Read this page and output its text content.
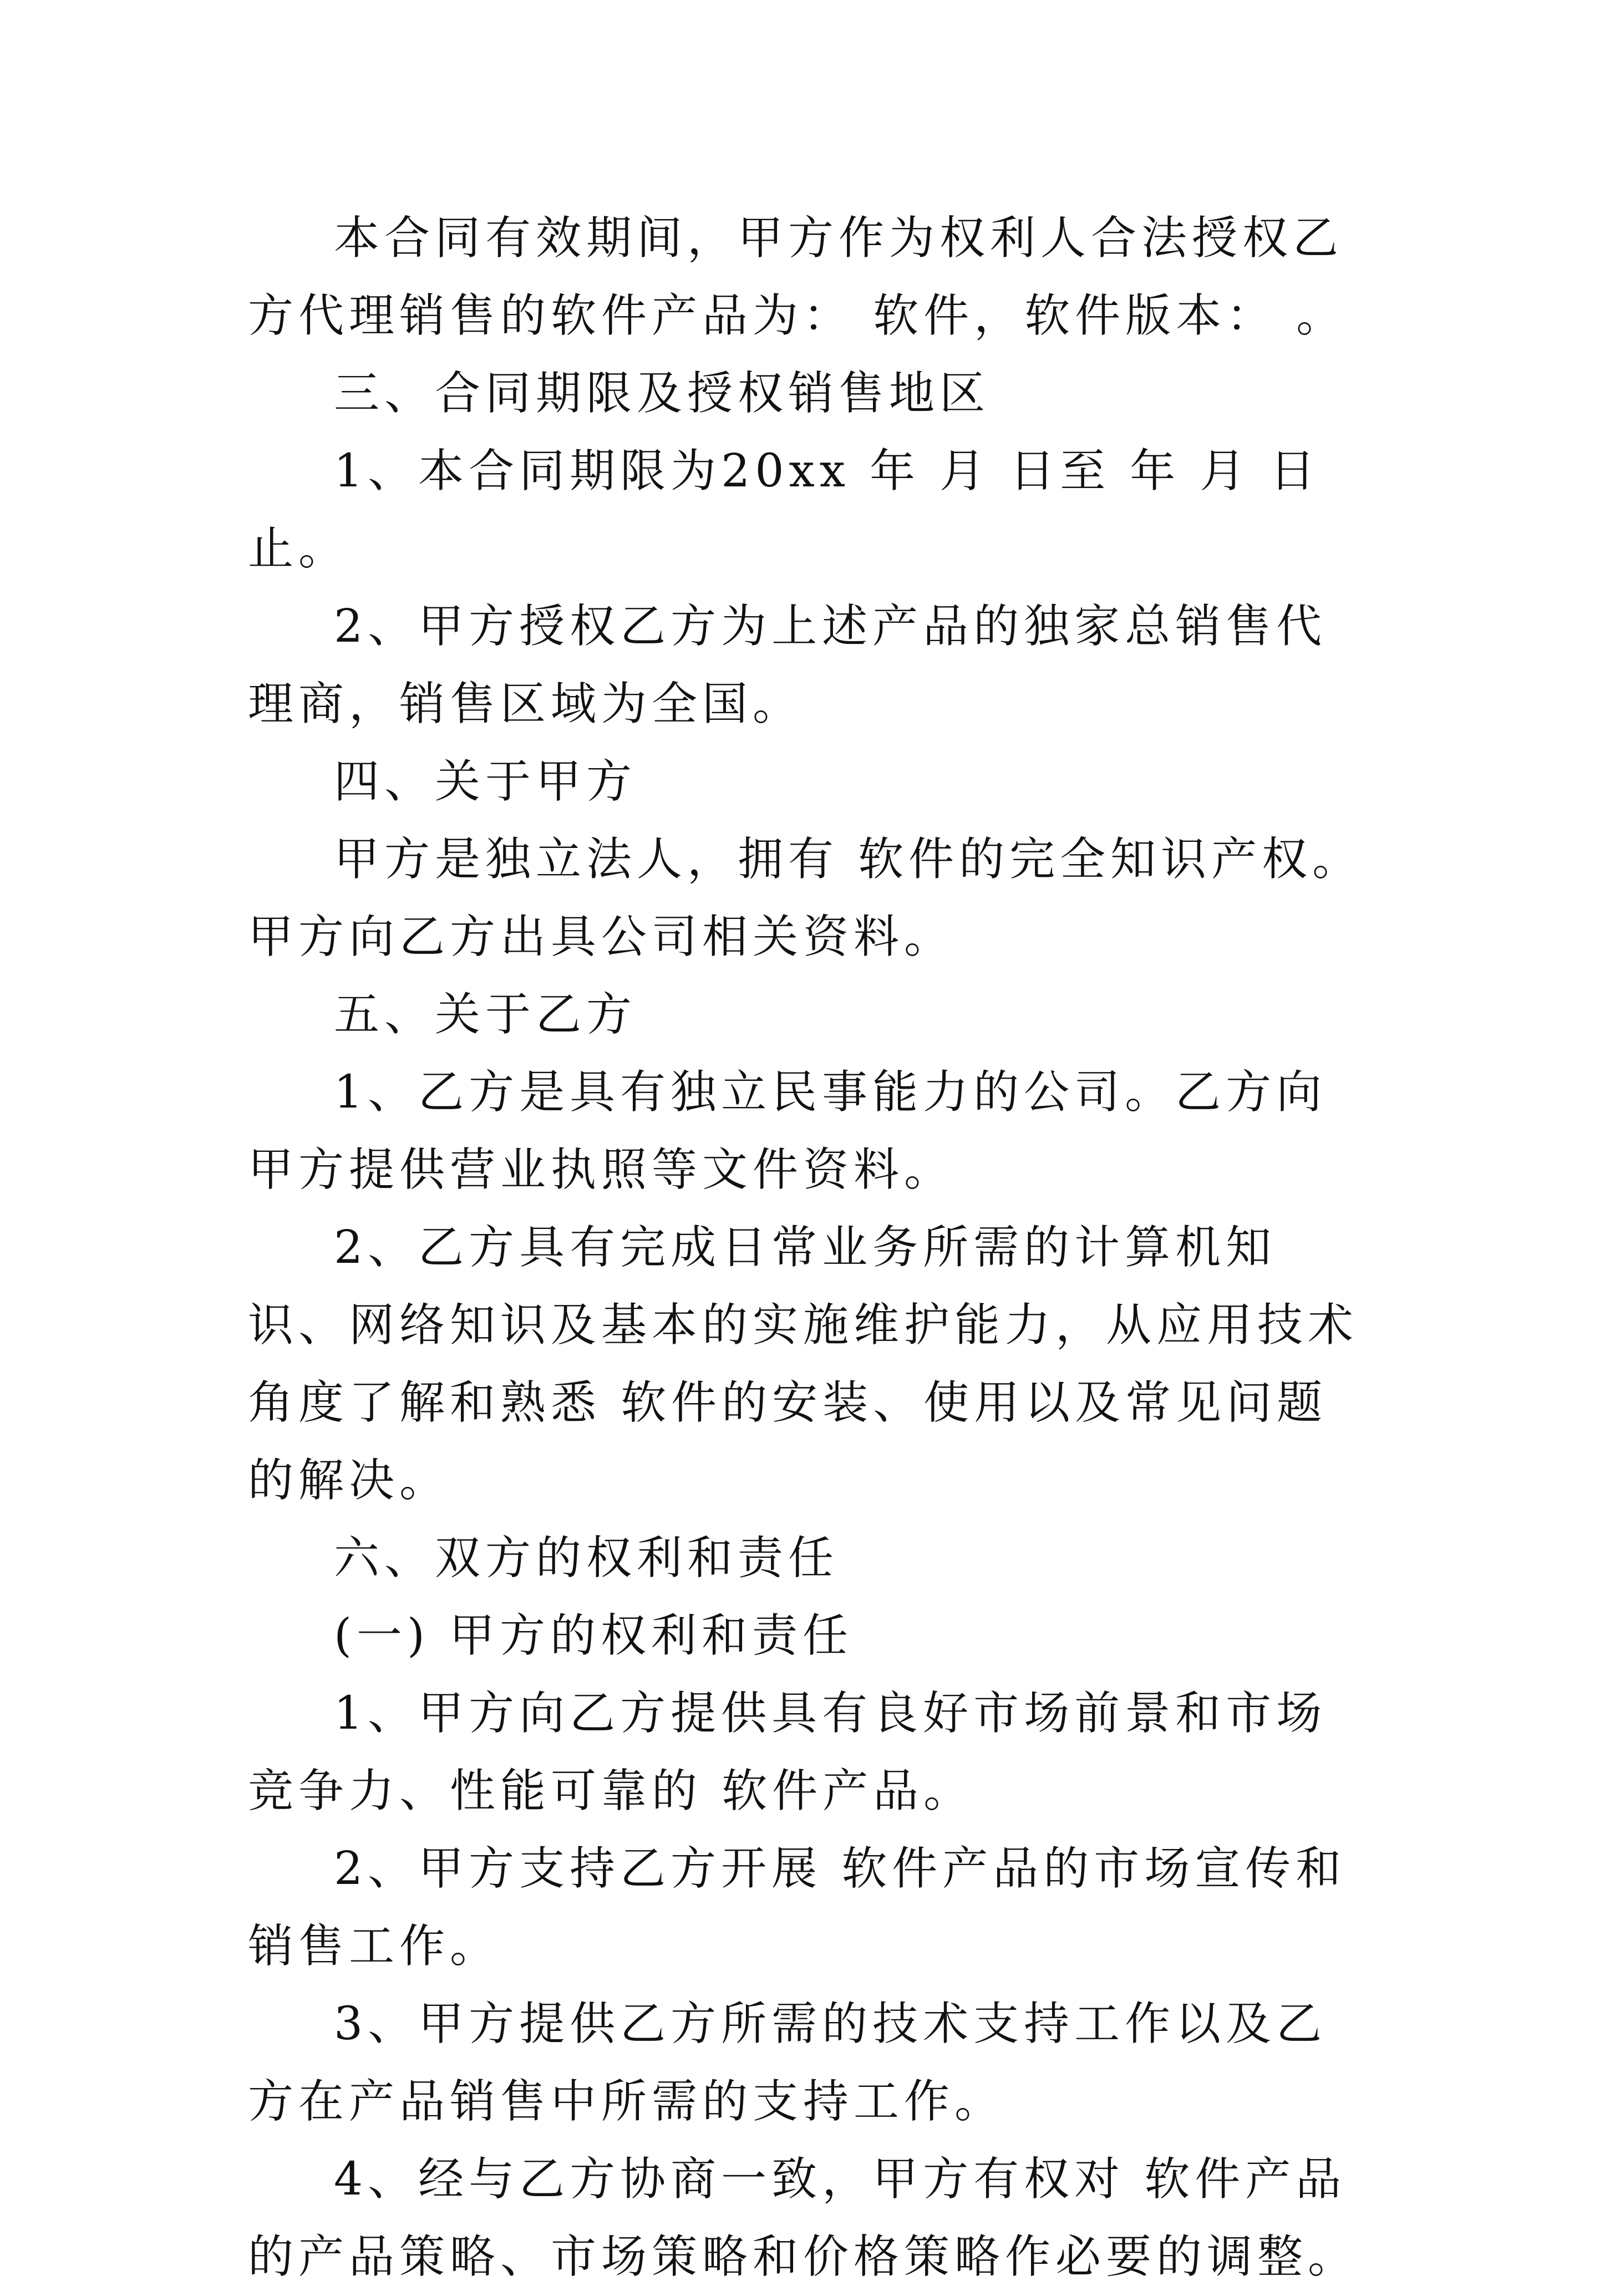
本合同有效期间，甲方作为权利人合法授权乙方代理销售的软件产品为： 软件，软件版本： 。

三、合同期限及授权销售地区

1、本合同期限为20xx 年 月 日至 年 月 日止。

2、甲方授权乙方为上述产品的独家总销售代理商，销售区域为全国。

四、关于甲方

甲方是独立法人，拥有 软件的完全知识产权。甲方向乙方出具公司相关资料。

五、关于乙方

1、乙方是具有独立民事能力的公司。乙方向甲方提供营业执照等文件资料。

2、乙方具有完成日常业务所需的计算机知识、网络知识及基本的实施维护能力，从应用技术角度了解和熟悉 软件的安装、使用以及常见问题的解决。

六、双方的权利和责任

(一) 甲方的权利和责任

1、甲方向乙方提供具有良好市场前景和市场竞争力、性能可靠的 软件产品。

2、甲方支持乙方开展 软件产品的市场宣传和销售工作。

3、甲方提供乙方所需的技术支持工作以及乙方在产品销售中所需的支持工作。

4、经与乙方协商一致，甲方有权对 软件产品的产品策略、市场策略和价格策略作必要的调整。
